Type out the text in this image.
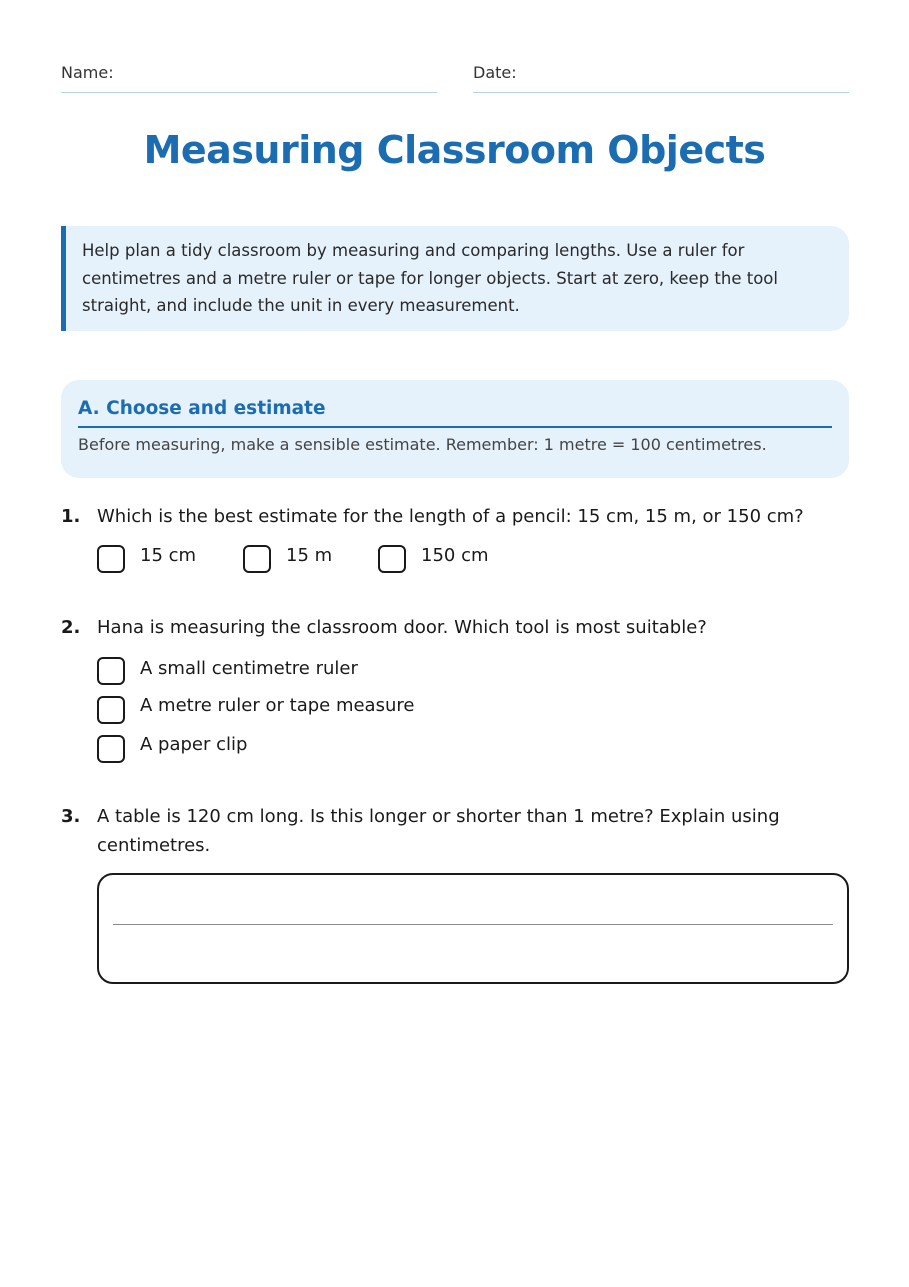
Name:	Date:
Measuring Classroom Objects
Help plan a tidy classroom by measuring and comparing lengths. Use a ruler for centimetres and a metre ruler or tape for longer objects. Start at zero, keep the tool straight, and include the unit in every measurement.
A. Choose and estimate
Before measuring, make a sensible estimate. Remember: 1 metre = 100 centimetres.
1. Which is the best estimate for the length of a pencil: 15 cm, 15 m, or 150 cm?
15 cm	15 m	150 cm
2. Hana is measuring the classroom door. Which tool is most suitable?
A small centimetre ruler
A metre ruler or tape measure
A paper clip
3. A table is 120 cm long. Is this longer or shorter than 1 metre? Explain using centimetres.
